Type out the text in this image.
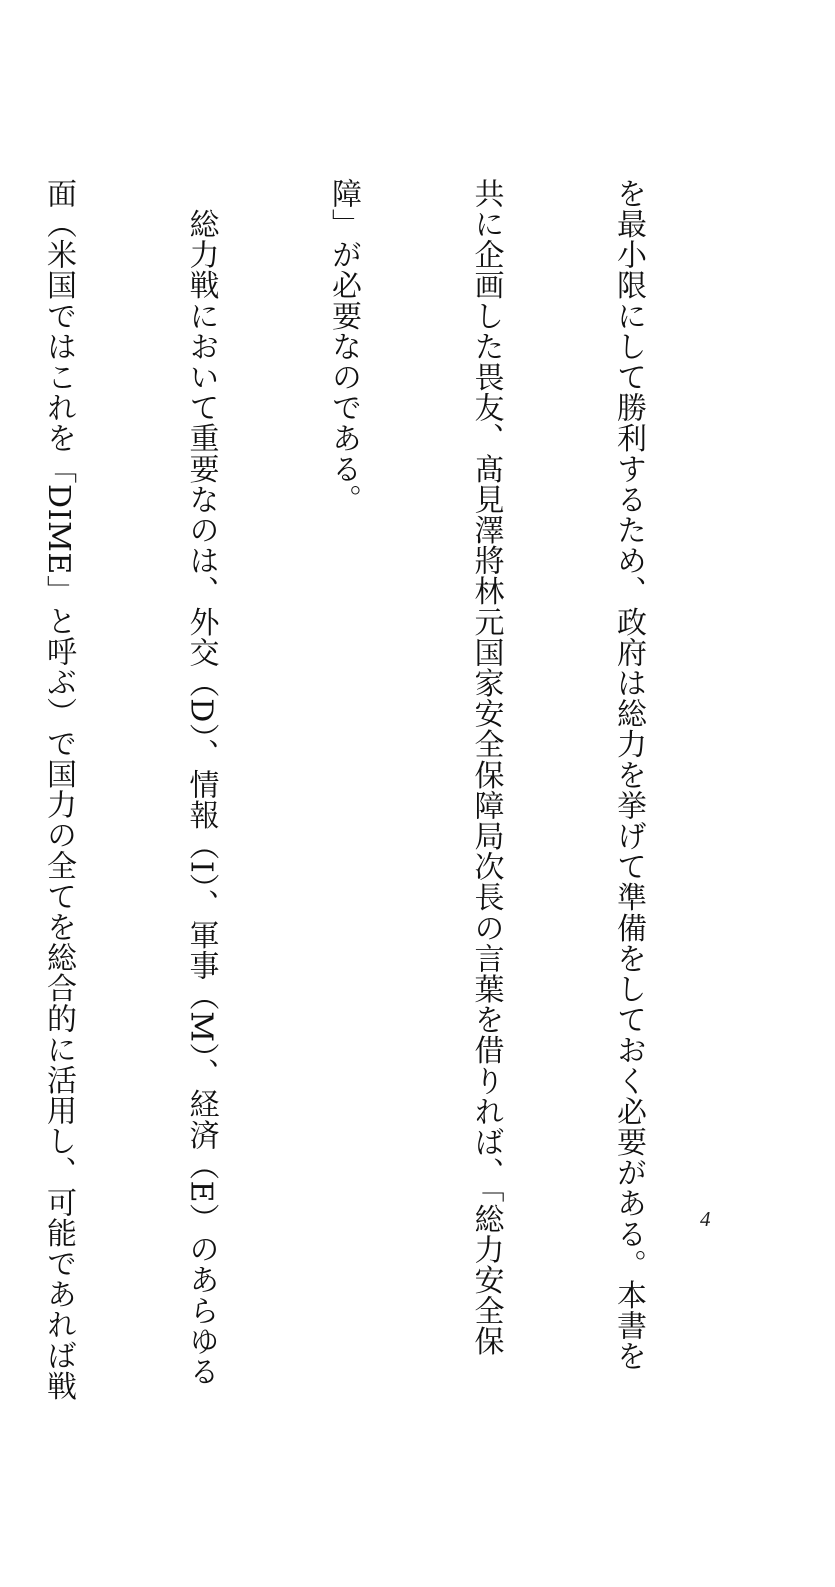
を最小限にして勝利するため、政府は総力を挙げて準備をしておく必要がある。本書を

共に企画した畏友、髙見澤將林元国家安全保障局次長の言葉を借りれば、「総力安全保

障」が必要なのである。

　総力戦において重要なのは、外交（D）、情報（I）、軍事（M）、経済（E）のあらゆる

面（米国ではこれを「DIME」と呼ぶ）で国力の全てを総合的に活用し、可能であれば戦

	4
